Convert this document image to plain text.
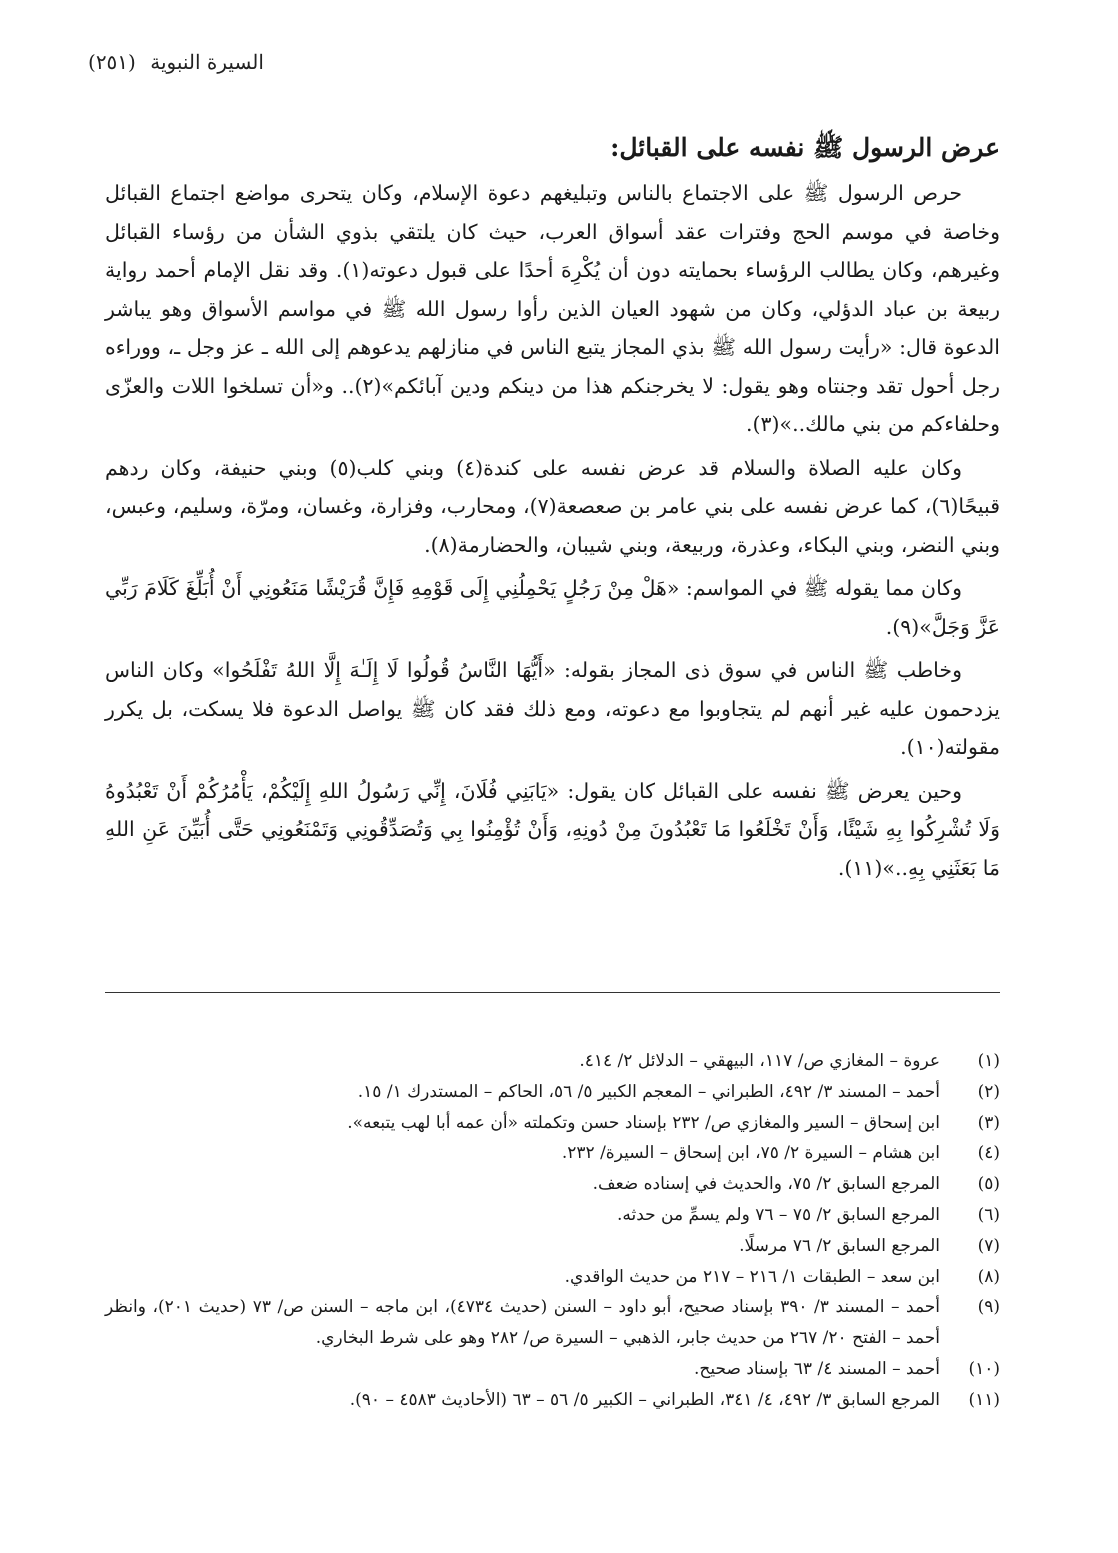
السيرة النبوية (٢٥١)
عرض الرسول ﷺ نفسه على القبائل:

حرص الرسول ﷺ على الاجتماع بالناس وتبليغهم دعوة الإسلام، وكان يتحرى مواضع اجتماع القبائل وخاصة في موسم الحج وفترات عقد أسواق العرب، حيث كان يلتقي بذوي الشأن من رؤساء القبائل وغيرهم، وكان يطالب الرؤساء بحمايته دون أن يُكْرِهَ أحدًا على قبول دعوته(١). وقد نقل الإمام أحمد رواية ربيعة بن عباد الدؤلي، وكان من شهود العيان الذين رأوا رسول الله ﷺ في مواسم الأسواق وهو يباشر الدعوة قال: «رأيت رسول الله ﷺ بذي المجاز يتبع الناس في منازلهم يدعوهم إلى الله ـ عز وجل ـ، ووراءه رجل أحول تقد وجنتاه وهو يقول: لا يخرجنكم هذا من دينكم ودين آبائكم»(٢).. و«أن تسلخوا اللات والعزّى وحلفاءكم من بني مالك..»(٣).

وكان عليه الصلاة والسلام قد عرض نفسه على كندة(٤) وبني كلب(٥) وبني حنيفة، وكان ردهم قبيحًا(٦)، كما عرض نفسه على بني عامر بن صعصعة(٧)، ومحارب، وفزارة، وغسان، ومرّة، وسليم، وعبس، وبني النضر، وبني البكاء، وعذرة، وربيعة، وبني شيبان، والحضارمة(٨).

وكان مما يقوله ﷺ في المواسم: «هَلْ مِنْ رَجُلٍ يَحْمِلُنِي إِلَى قَوْمِهِ فَإِنَّ قُرَيْشًا مَنَعُونِي أَنْ أُبَلِّغَ كَلَامَ رَبِّي عَزَّ وَجَلَّ»(٩).

وخاطب ﷺ الناس في سوق ذى المجاز بقوله: «أَيُّهَا النَّاسُ قُولُوا لَا إِلَـٰهَ إِلَّا اللهُ تَفْلَحُوا» وكان الناس يزدحمون عليه غير أنهم لم يتجاوبوا مع دعوته، ومع ذلك فقد كان ﷺ يواصل الدعوة فلا يسكت، بل يكرر مقولته(١٠).

وحين يعرض ﷺ نفسه على القبائل كان يقول: «يَابَنِي فُلَانَ، إِنِّي رَسُولُ اللهِ إِلَيْكُمْ، يَأْمُرُكُمْ أَنْ تَعْبُدُوهُ وَلَا تُشْرِكُوا بِهِ شَيْئًا، وَأَنْ تَخْلَعُوا مَا تَعْبُدُونَ مِنْ دُونِهِ، وَأَنْ تُؤْمِنُوا بِي وَتُصَدِّقُونِي وَتَمْنَعُونِي حَتَّى أُبَيِّنَ عَنِ اللهِ مَا بَعَثَنِي بِهِ..»(١١).

(١)
عروة – المغازي ص/ ١١٧، البيهقي – الدلائل ٢/ ٤١٤.
(٢)
أحمد – المسند ٣/ ٤٩٢، الطبراني – المعجم الكبير ٥/ ٥٦، الحاكم – المستدرك ١/ ١٥.
(٣)
ابن إسحاق – السير والمغازي ص/ ٢٣٢ بإسناد حسن وتكملته «أن عمه أبا لهب يتبعه».
(٤)
ابن هشام – السيرة ٢/ ٧٥، ابن إسحاق – السيرة/ ٢٣٢.
(٥)
المرجع السابق ٢/ ٧٥، والحديث في إسناده ضعف.
(٦)
المرجع السابق ٢/ ٧٥ – ٧٦ ولم يسمِّ من حدثه.
(٧)
المرجع السابق ٢/ ٧٦ مرسلًا.
(٨)
ابن سعد – الطبقات ١/ ٢١٦ – ٢١٧ من حديث الواقدي.
(٩)
أحمد – المسند ٣/ ٣٩٠ بإسناد صحيح، أبو داود – السنن (حديث ٤٧٣٤)، ابن ماجه – السنن ص/ ٧٣ (حديث ٢٠١)، وانظر أحمد – الفتح ٢٠/ ٢٦٧ من حديث جابر، الذهبي – السيرة ص/ ٢٨٢ وهو على شرط البخاري.
(١٠)
أحمد – المسند ٤/ ٦٣ بإسناد صحيح.
(١١)
المرجع السابق ٣/ ٤٩٢، ٤/ ٣٤١، الطبراني – الكبير ٥/ ٥٦ – ٦٣ (الأحاديث ٤٥٨٣ – ٩٠).
